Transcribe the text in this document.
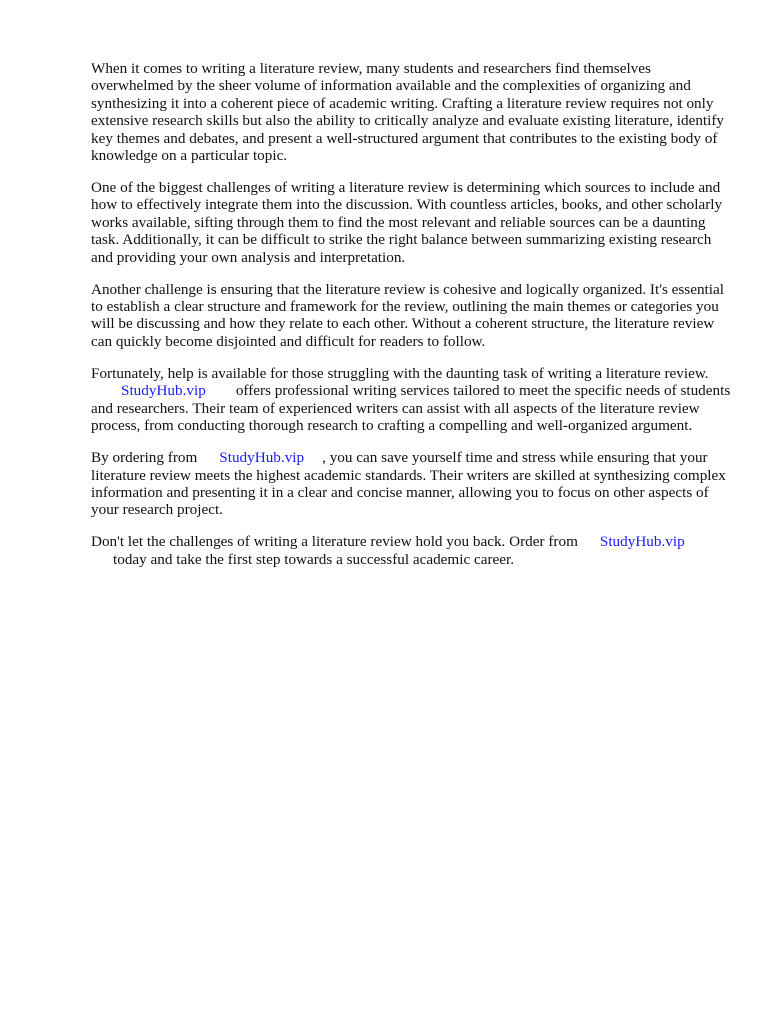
When it comes to writing a literature review, many students and researchers find themselves overwhelmed by the sheer volume of information available and the complexities of organizing and synthesizing it into a coherent piece of academic writing. Crafting a literature review requires not only extensive research skills but also the ability to critically analyze and evaluate existing literature, identify key themes and debates, and present a well-structured argument that contributes to the existing body of knowledge on a particular topic.

One of the biggest challenges of writing a literature review is determining which sources to include and how to effectively integrate them into the discussion. With countless articles, books, and other scholarly works available, sifting through them to find the most relevant and reliable sources can be a daunting task. Additionally, it can be difficult to strike the right balance between summarizing existing research and providing your own analysis and interpretation.

Another challenge is ensuring that the literature review is cohesive and logically organized. It's essential to establish a clear structure and framework for the review, outlining the main themes or categories you will be discussing and how they relate to each other. Without a coherent structure, the literature review can quickly become disjointed and difficult for readers to follow.

Fortunately, help is available for those struggling with the daunting task of writing a literature review.StudyHub.vip offers professional writing services tailored to meet the specific needs of students and researchers. Their team of experienced writers can assist with all aspects of the literature review process, from conducting thorough research to crafting a compelling and well-organized argument.

By ordering from StudyHub.vip , you can save yourself time and stress while ensuring that your literature review meets the highest academic standards. Their writers are skilled at synthesizing complex information and presenting it in a clear and concise manner, allowing you to focus on other aspects of your research project.

Don't let the challenges of writing a literature review hold you back. Order from StudyHub.vip
today and take the first step towards a successful academic career.
